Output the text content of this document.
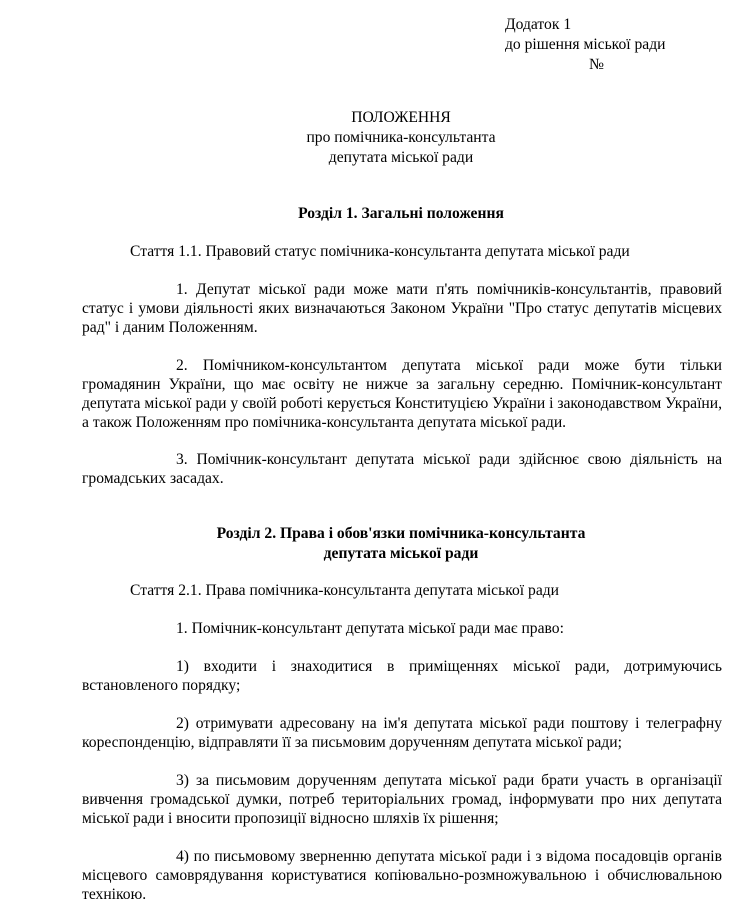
Додаток 1
до рішення міської ради
№
ПОЛОЖЕННЯ
про помічника-консультанта
депутата міської ради
Розділ 1. Загальні положення
Стаття 1.1. Правовий статус помічника-консультанта депутата міської ради
1. Депутат міської ради може мати п'ять помічників-консультантів, правовий статус і умови діяльності яких визначаються Законом України "Про статус депутатів місцевих рад" і даним Положенням.
2. Помічником-консультантом депутата міської ради може бути тільки громадянин України, що має освіту не нижче за загальну середню. Помічник-консультант депутата міської ради у своїй роботі керується Конституцією України і законодавством України, а також Положенням про помічника-консультанта депутата міської ради.
3. Помічник-консультант депутата міської ради здійснює свою діяльність на громадських засадах.
Розділ 2. Права і обов'язки помічника-консультанта
депутата міської ради
Стаття 2.1. Права помічника-консультанта депутата міської ради
1. Помічник-консультант депутата міської ради має право:
1) входити і знаходитися в приміщеннях міської ради, дотримуючись встановленого порядку;
2) отримувати адресовану на ім'я депутата міської ради поштову і телеграфну кореспонденцію, відправляти її за письмовим дорученням депутата міської ради;
3) за письмовим дорученням депутата міської ради брати участь в організації вивчення громадської думки, потреб територіальних громад, інформувати про них депутата міської ради і вносити пропозиції відносно шляхів їх рішення;
4) по письмовому зверненню депутата міської ради і з відома посадовців органів місцевого самоврядування користуватися копіювально-розмножувальною і обчислювальною технікою.
